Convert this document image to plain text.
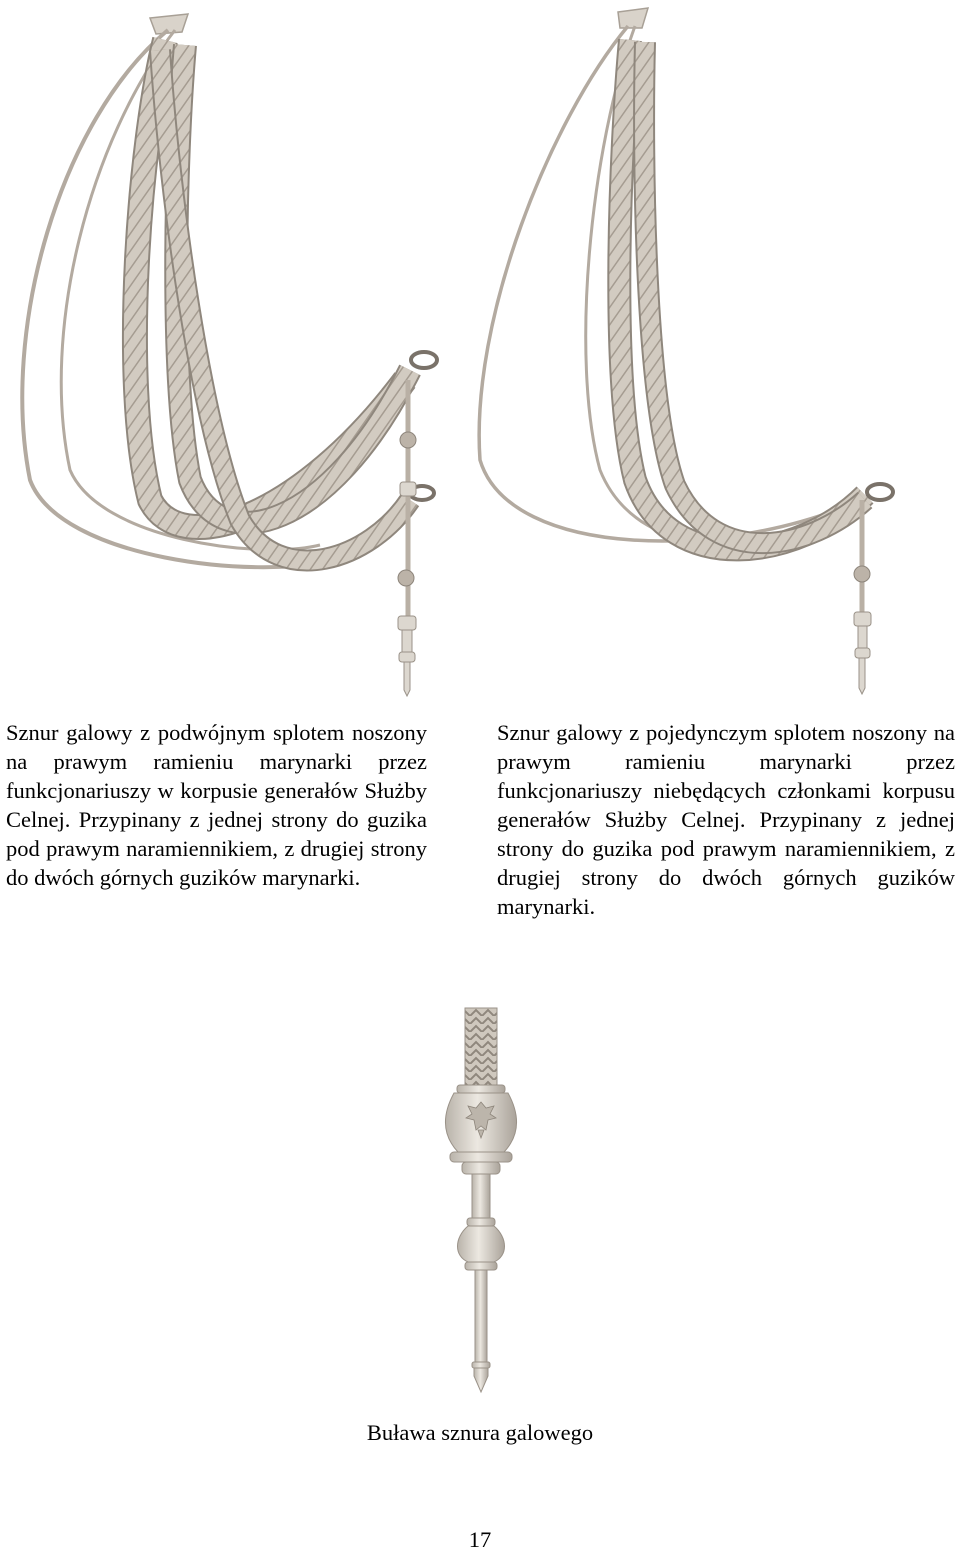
Sznur galowy z podwójnym splotem noszony na prawym ramieniu marynarki przez funkcjonariuszy w korpusie generałów Służby Celnej. Przypinany z jednej strony do guzika pod prawym naramiennikiem, z drugiej strony do dwóch górnych guzików marynarki.

Sznur galowy z pojedynczym splotem noszony na prawym ramieniu marynarki przez funkcjonariuszy niebędących członkami korpusu generałów Służby Celnej. Przypinany z jednej strony do guzika pod prawym naramiennikiem, z drugiej strony do dwóch górnych guzików marynarki.

Buława sznura galowego

17
